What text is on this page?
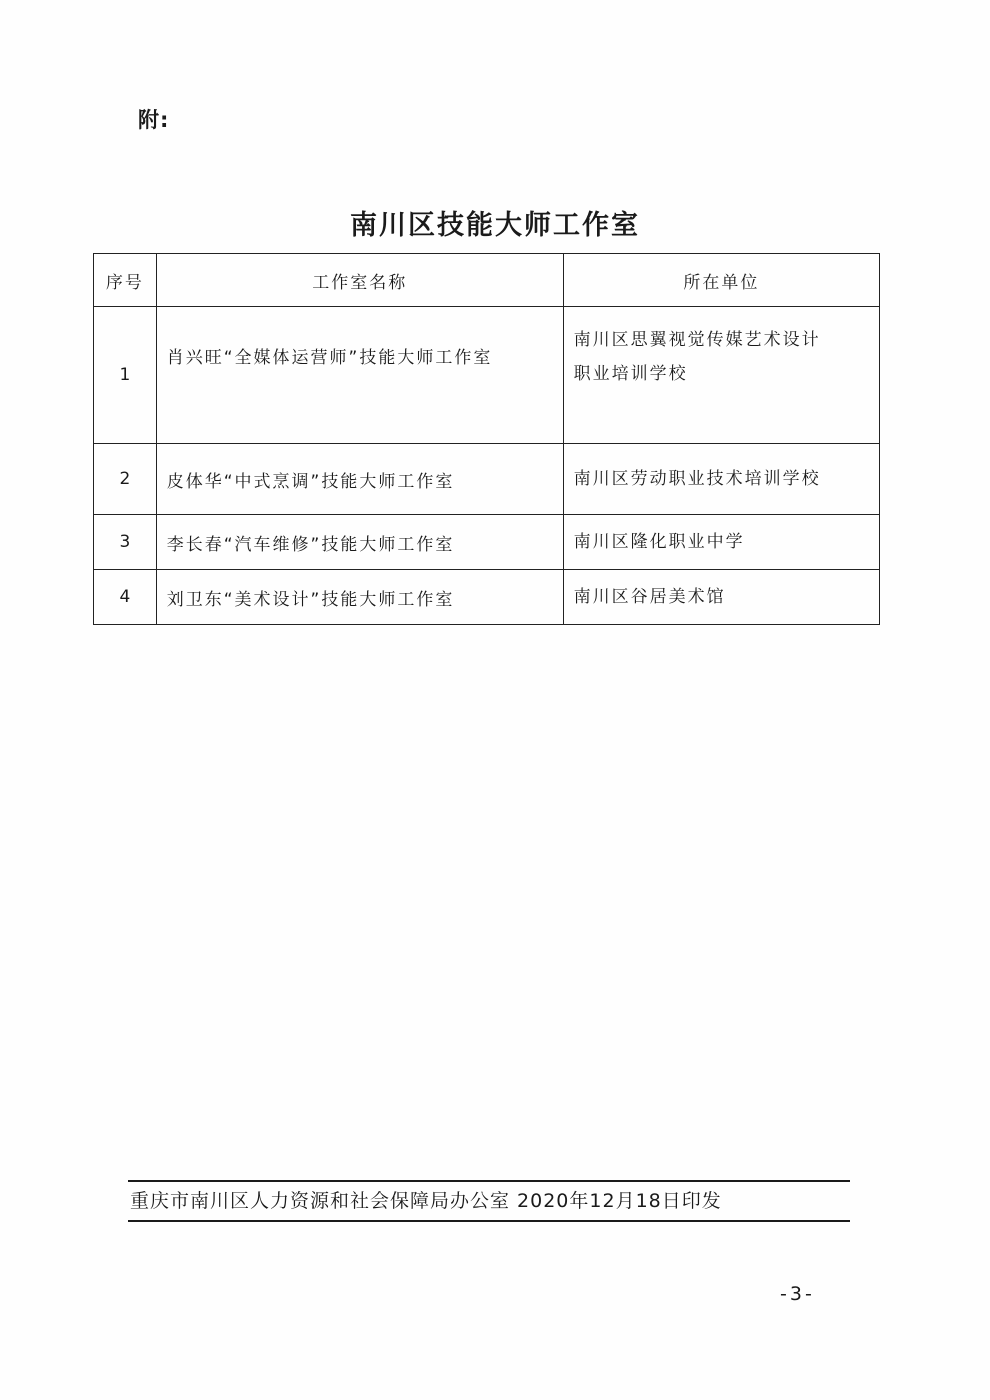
附:
南川区技能大师工作室
序号	工作室名称	所在单位
1	肖兴旺“全媒体运营师”技能大师工作室	南川区思翼视觉传媒艺术设计
职业培训学校

2	皮体华“中式烹调”技能大师工作室	南川区劳动职业技术培训学校

3	李长春“汽车维修”技能大师工作室	南川区隆化职业中学

4	刘卫东“美术设计”技能大师工作室	南川区谷居美术馆
重庆市南川区人力资源和社会保障局办公室 2020年12月18日印发
-3-
